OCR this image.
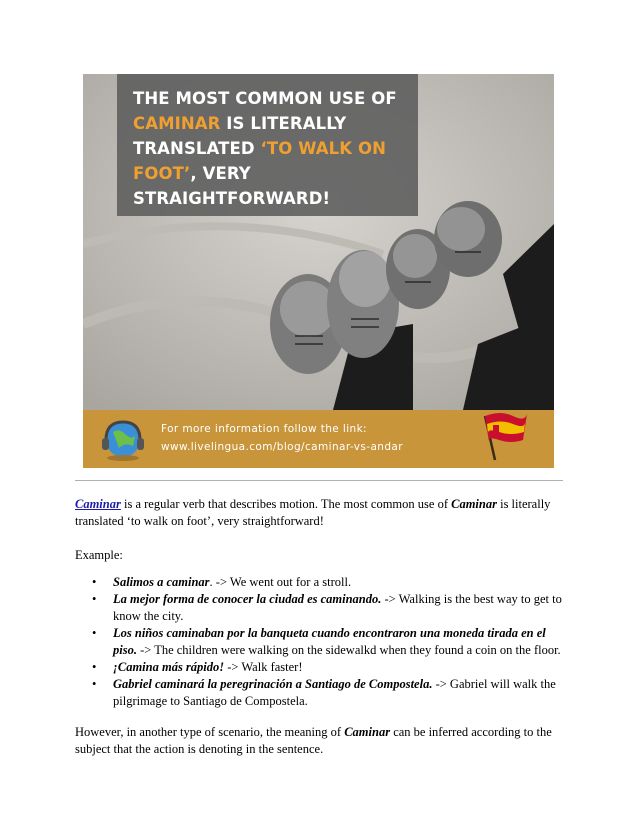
THE MOST COMMON USE OF
CAMINAR IS LITERALLY
TRANSLATED ‘TO WALK ON
FOOT’, VERY
STRAIGHTFORWARD!
For more information follow the link:
www.livelingua.com/blog/caminar-vs-andar

Caminar is a regular verb that describes motion. The most common use of Caminar is literally translated ‘to walk on foot’, very straightforward!

Example:

• Salimos a caminar. -> We went out for a stroll.
• La mejor forma de conocer la ciudad es caminando. -> Walking is the best way to get to know the city.
• Los niños caminaban por la banqueta cuando encontraron una moneda tirada en el piso. -> The children were walking on the sidewalkd when they found a coin on the floor.
• ¡Camina más rápido! -> Walk faster!
• Gabriel caminará la peregrinación a Santiago de Compostela. -> Gabriel will walk the pilgrimage to Santiago de Compostela.

However, in another type of scenario, the meaning of Caminar can be inferred according to the subject that the action is denoting in the sentence.
